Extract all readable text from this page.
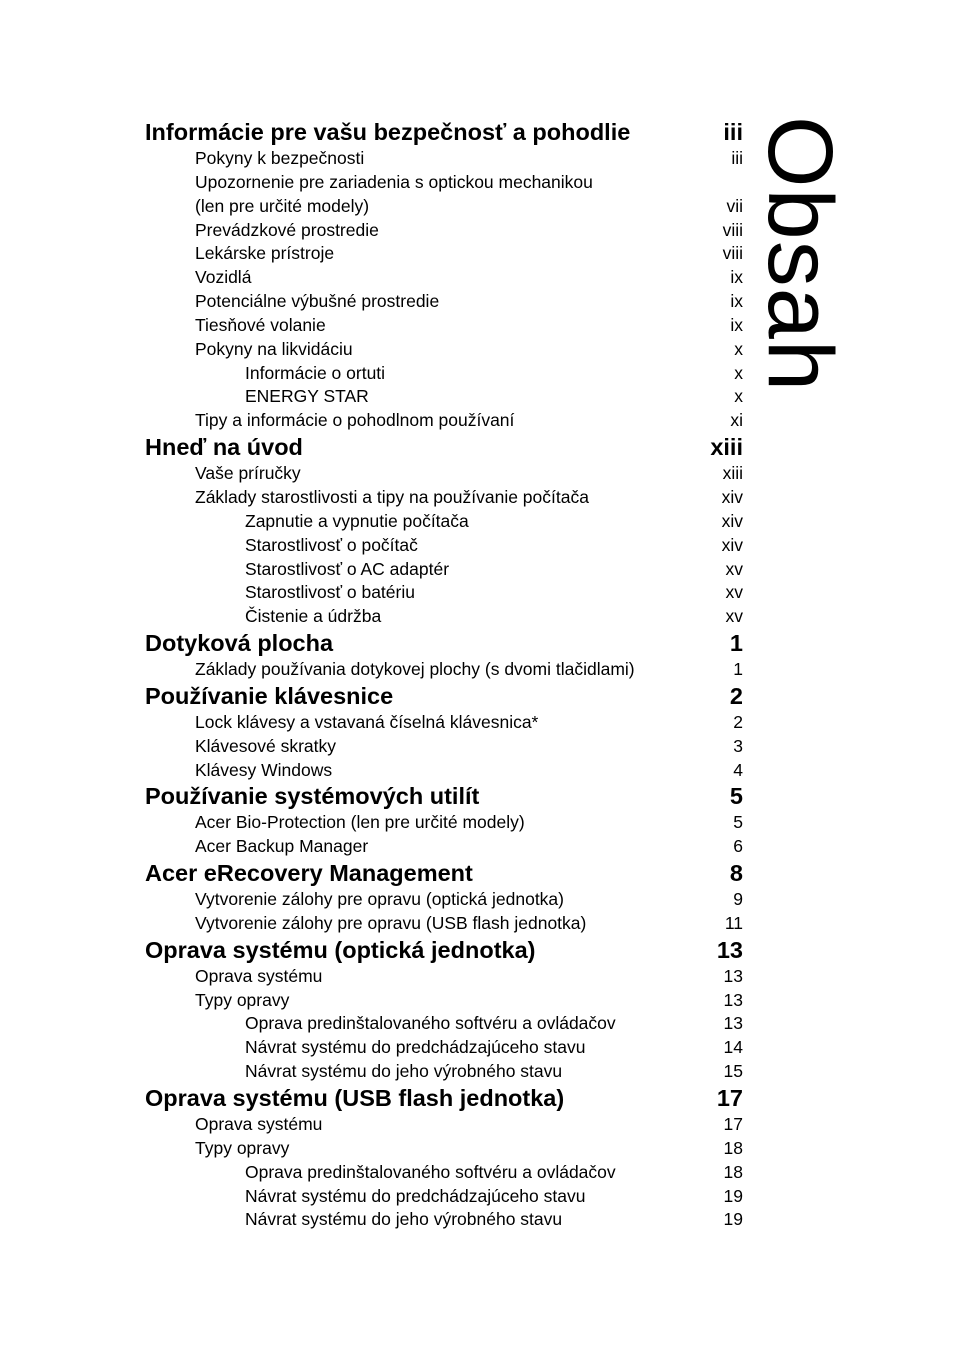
Informácie pre vašu bezpečnosť a pohodlie	iii
Pokyny k bezpečnosti	iii
Upozornenie pre zariadenia s optickou mechanikou
(len pre určité modely)	vii
Prevádzkové prostredie	viii
Lekárske prístroje	viii
Vozidlá	ix
Potenciálne výbušné prostredie	ix
Tiesňové volanie	ix
Pokyny na likvidáciu	x
Informácie o ortuti	x
ENERGY STAR	x
Tipy a informácie o pohodlnom používaní	xi
Hneď na úvod	xiii
Vaše príručky	xiii
Základy starostlivosti a tipy na používanie počítača	xiv
Zapnutie a vypnutie počítača	xiv
Starostlivosť o počítač	xiv
Starostlivosť o AC adaptér	xv
Starostlivosť o batériu	xv
Čistenie a údržba	xv
Dotyková plocha	1
Základy používania dotykovej plochy (s dvomi tlačidlami)	1
Používanie klávesnice	2
Lock klávesy a vstavaná číselná klávesnica*	2
Klávesové skratky	3
Klávesy Windows	4
Používanie systémových utilít	5
Acer Bio-Protection (len pre určité modely)	5
Acer Backup Manager	6
Acer eRecovery Management	8
Vytvorenie zálohy pre opravu (optická jednotka)	9
Vytvorenie zálohy pre opravu (USB flash jednotka)	11
Oprava systému (optická jednotka)	13
Oprava systému	13
Typy opravy	13
Oprava predinštalovaného softvéru a ovládačov	13
Návrat systému do predchádzajúceho stavu	14
Návrat systému do jeho výrobného stavu	15
Oprava systému (USB flash jednotka)	17
Oprava systému	17
Typy opravy	18
Oprava predinštalovaného softvéru a ovládačov	18
Návrat systému do predchádzajúceho stavu	19
Návrat systému do jeho výrobného stavu	19
Obsah
